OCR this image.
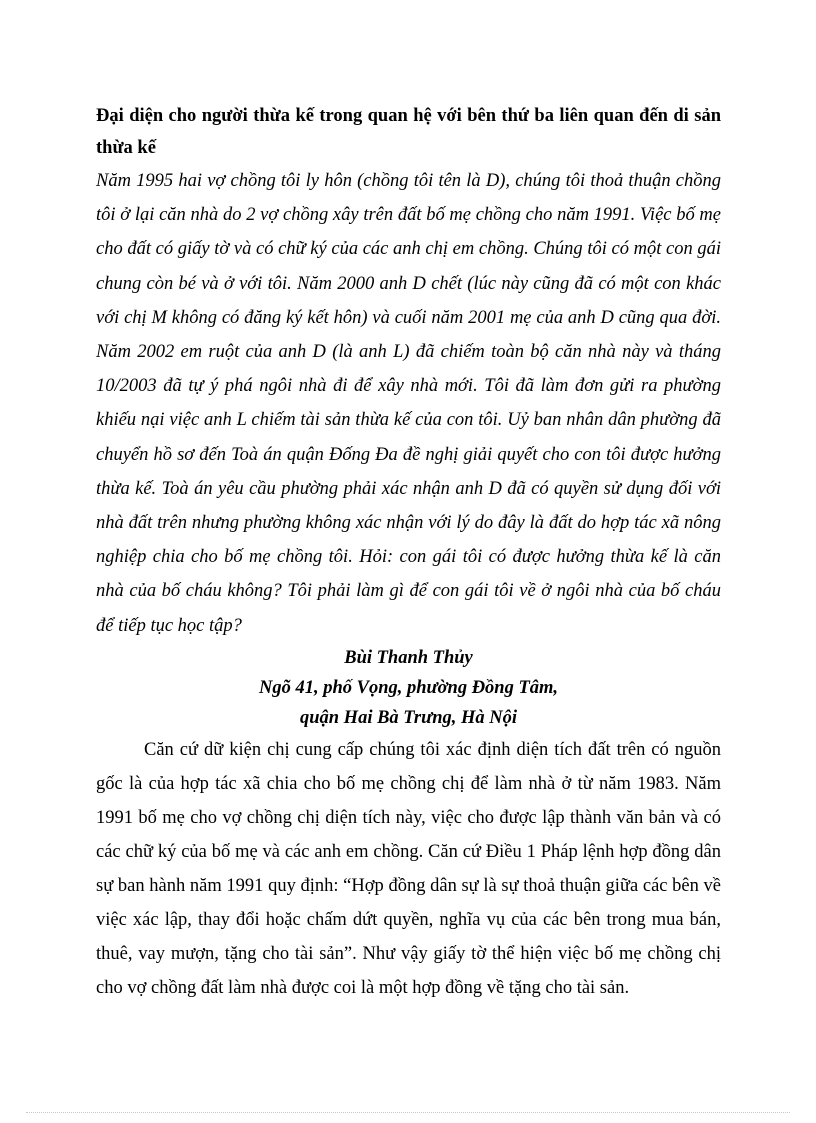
Đại diện cho người thừa kế trong quan hệ với bên thứ ba liên quan đến di sản thừa kế

Năm 1995 hai vợ chồng tôi ly hôn (chồng tôi tên là D), chúng tôi thoả thuận chồng tôi ở lại căn nhà do 2 vợ chồng xây trên đất bố mẹ chồng cho năm 1991. Việc bố mẹ cho đất có giấy tờ và có chữ ký của các anh chị em chồng. Chúng tôi có một con gái chung còn bé và ở với tôi. Năm 2000 anh D chết (lúc này cũng đã có một con khác với chị M không có đăng ký kết hôn) và cuối năm 2001 mẹ của anh D cũng qua đời. Năm 2002 em ruột của anh D (là anh L) đã chiếm toàn bộ căn nhà này và tháng 10/2003 đã tự ý phá ngôi nhà đi để xây nhà mới. Tôi đã làm đơn gửi ra phường khiếu nại việc anh L chiếm tài sản thừa kế của con tôi. Uỷ ban nhân dân phường đã chuyển hồ sơ đến Toà án quận Đống Đa đề nghị giải quyết cho con tôi được hưởng thừa kế. Toà án yêu cầu phường phải xác nhận anh D đã có quyền sử dụng đối với nhà đất trên nhưng phường không xác nhận với lý do đây là đất do hợp tác xã nông nghiệp chia cho bố mẹ chồng tôi. Hỏi: con gái tôi có được hưởng thừa kế là căn nhà của bố cháu không? Tôi phải làm gì để con gái tôi về ở ngôi nhà của bố cháu để tiếp tục học tập?

Bùi Thanh Thủy

Ngõ 41, phố Vọng, phường Đồng Tâm,

quận Hai Bà Trưng, Hà Nội

Căn cứ dữ kiện chị cung cấp chúng tôi xác định diện tích đất trên có nguồn gốc là của hợp tác xã chia cho bố mẹ chồng chị để làm nhà ở từ năm 1983. Năm 1991 bố mẹ cho vợ chồng chị diện tích này, việc cho được lập thành văn bản và có các chữ ký của bố mẹ và các anh em chồng. Căn cứ Điều 1 Pháp lệnh hợp đồng dân sự ban hành năm 1991 quy định: “Hợp đồng dân sự là sự thoả thuận giữa các bên về việc xác lập, thay đổi hoặc chấm dứt quyền, nghĩa vụ của các bên trong mua bán, thuê, vay mượn, tặng cho tài sản”. Như vậy giấy tờ thể hiện việc bố mẹ chồng chị cho vợ chồng đất làm nhà được coi là một hợp đồng về tặng cho tài sản.
